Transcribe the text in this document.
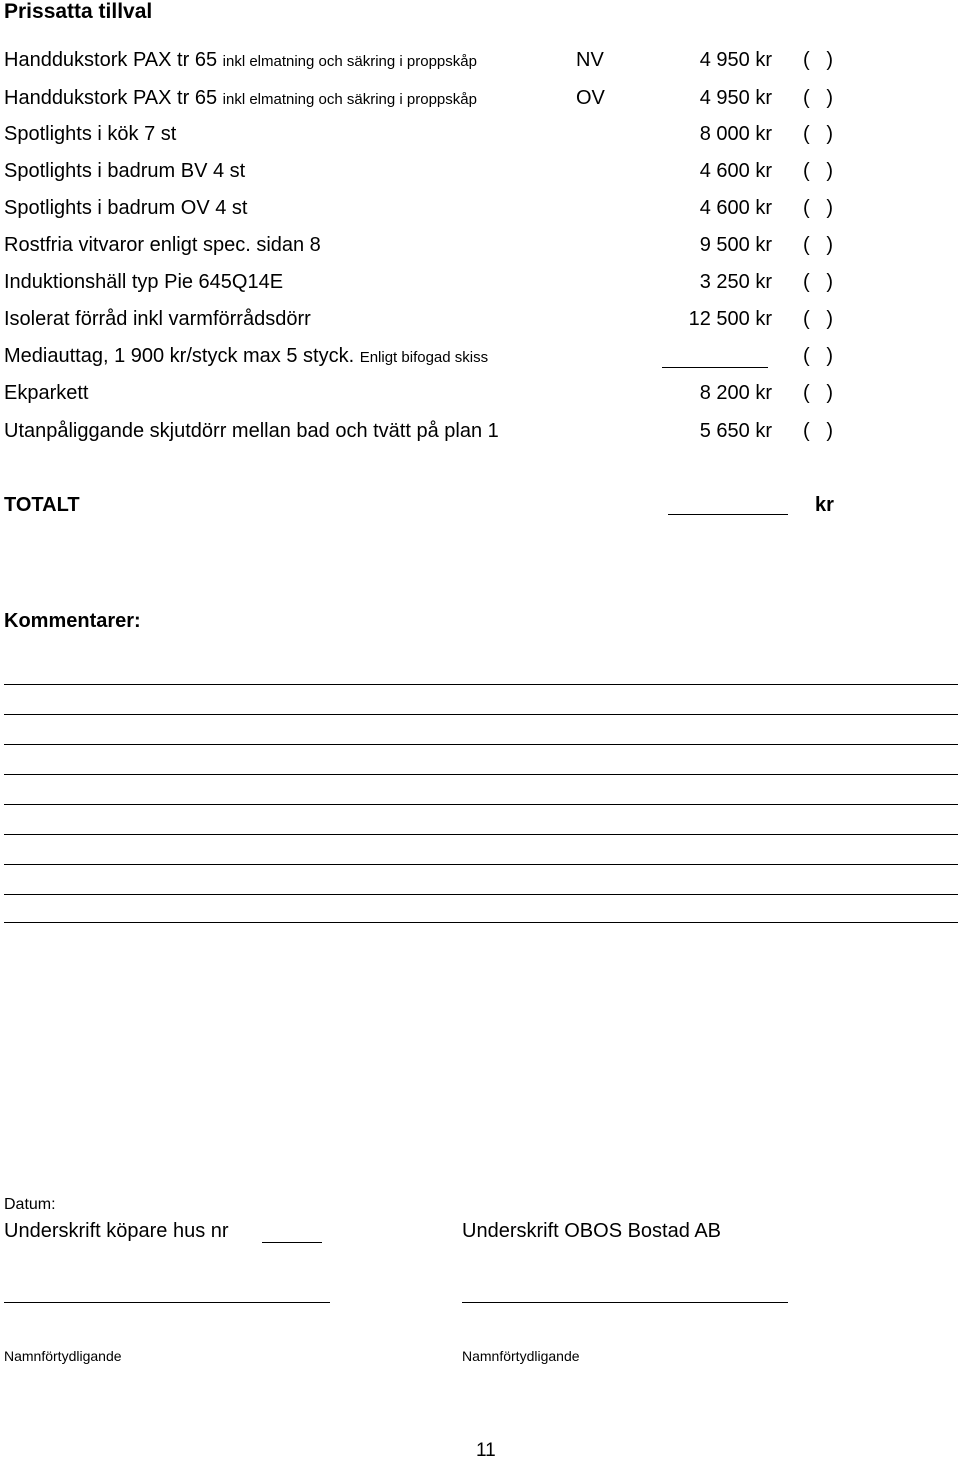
Prissatta tillval
Handdukstork PAX tr 65 inkl elmatning och säkring i proppskåp	NV	4 950 kr (   )
Handdukstork PAX tr 65 inkl elmatning och säkring i proppskåp	OV	4 950 kr (   )
Spotlights i kök 7 st	8 000 kr (   )
Spotlights i badrum BV 4 st	4 600 kr (   )
Spotlights i badrum OV 4 st	4 600 kr (   )
Rostfria vitvaror enligt spec. sidan 8	9 500 kr (   )
Induktionshäll typ Pie 645Q14E	3 250 kr (   )
Isolerat förråd inkl varmförrådsdörr	12 500 kr (   )
Mediauttag, 1 900 kr/styck max 5 styck. Enligt bifogad skiss	(   )
Ekparkett	8 200 kr (   )
Utanpåliggande skjutdörr mellan bad och tvätt på plan 1	5 650 kr (   )
TOTALT	kr
Kommentarer:
Datum:
Underskrift köpare hus nr	Underskrift OBOS Bostad AB
Namnförtydligande	Namnförtydligande
11
